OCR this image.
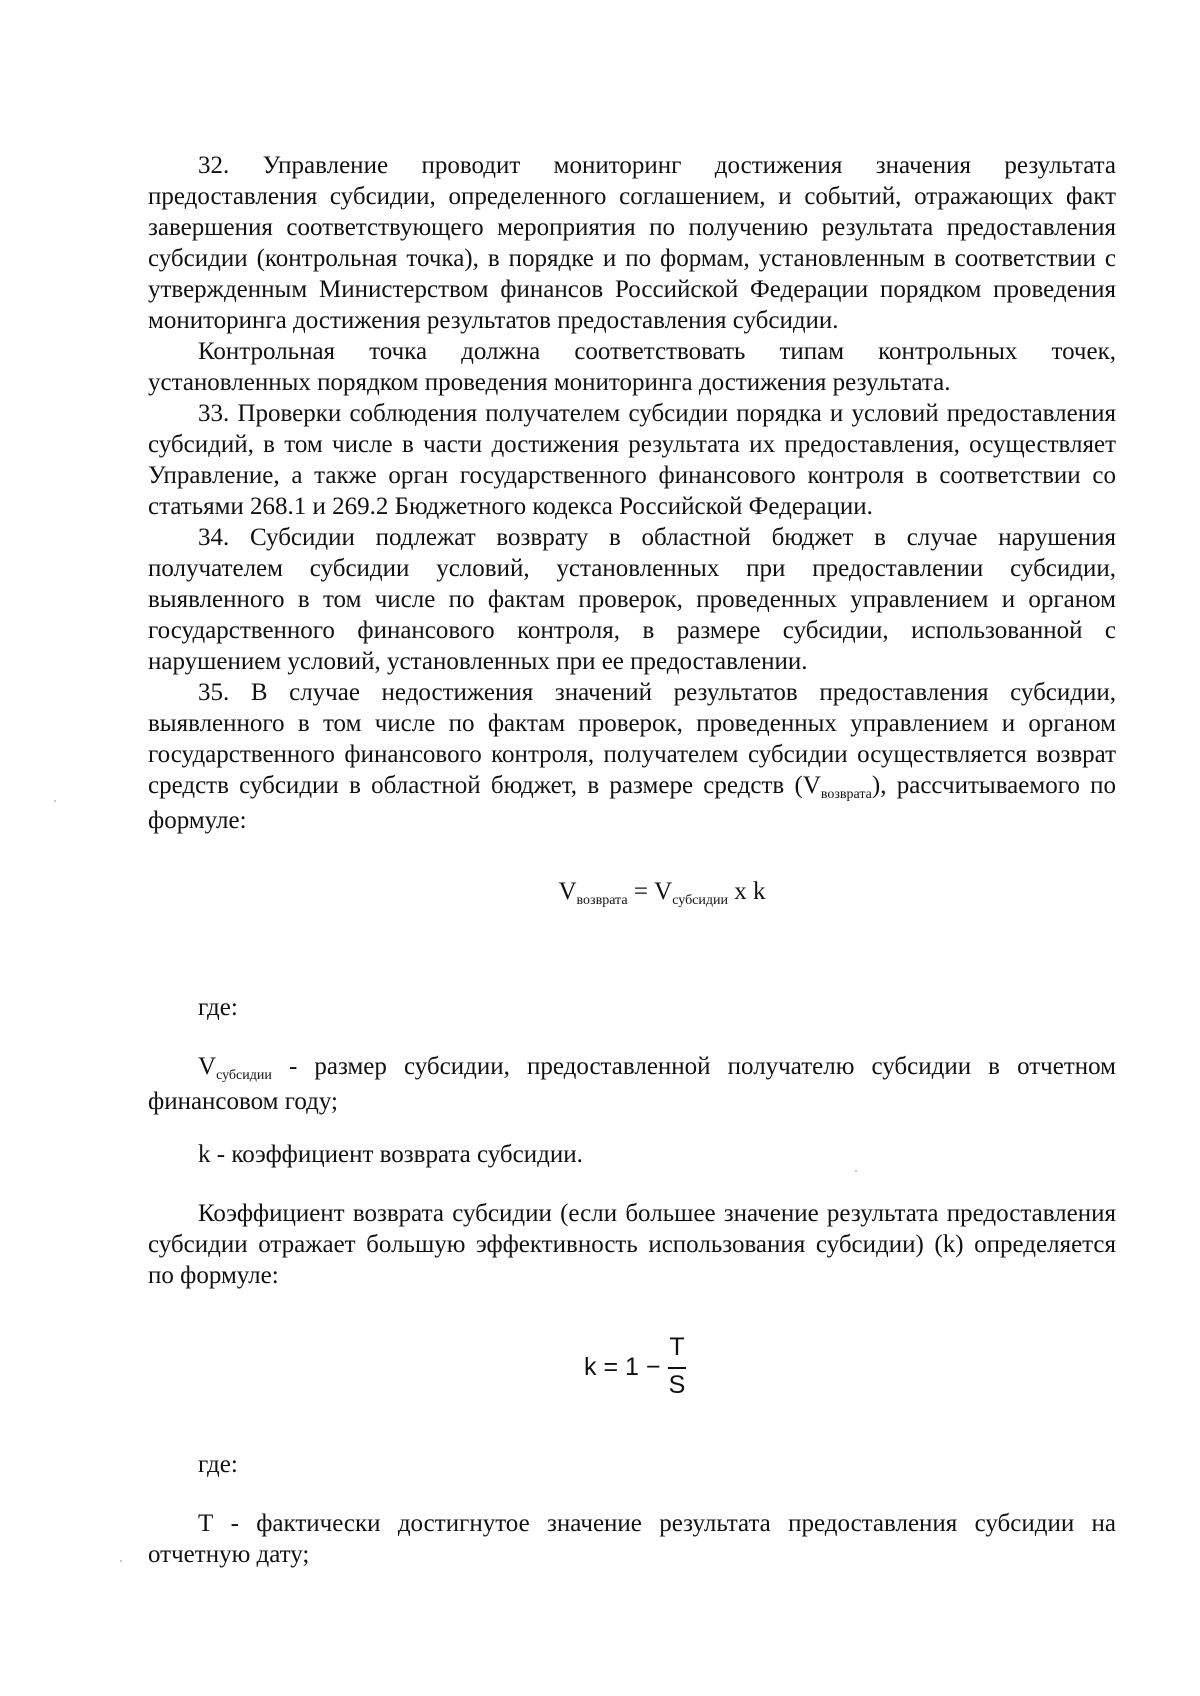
32. Управление проводит мониторинг достижения значения результата предоставления субсидии, определенного соглашением, и событий, отражающих факт завершения соответствующего мероприятия по получению результата предоставления субсидии (контрольная точка), в порядке и по формам, установленным в соответствии с утвержденным Министерством финансов Российской Федерации порядком проведения мониторинга достижения результатов предоставления субсидии.

Контрольная точка должна соответствовать типам контрольных точек, установленных порядком проведения мониторинга достижения результата.

33. Проверки соблюдения получателем субсидии порядка и условий предоставления субсидий, в том числе в части достижения результата их предоставления, осуществляет Управление, а также орган государственного финансового контроля в соответствии со статьями 268.1 и 269.2 Бюджетного кодекса Российской Федерации.

34. Субсидии подлежат возврату в областной бюджет в случае нарушения получателем субсидии условий, установленных при предоставлении субсидии, выявленного в том числе по фактам проверок, проведенных управлением и органом государственного финансового контроля, в размере субсидии, использованной с нарушением условий, установленных при ее предоставлении.

35. В случае недостижения значений результатов предоставления субсидии, выявленного в том числе по фактам проверок, проведенных управлением и органом государственного финансового контроля, получателем субсидии осуществляется возврат средств субсидии в областной бюджет, в размере средств $(V_{возврата})$, рассчитываемого по формуле:

$V_{возврата} = V_{субсидии}$ x k

где:

$V_{субсидии}$ - размер субсидии, предоставленной получателю субсидии в отчетном финансовом году;

k - коэффициент возврата субсидии.

Коэффициент возврата субсидии (если большее значение результата предоставления субсидии отражает большую эффективность использования субсидии) (k) определяется по формуле:

k = 1 −
T
S

где:

Т - фактически достигнутое значение результата предоставления субсидии на отчетную дату;
